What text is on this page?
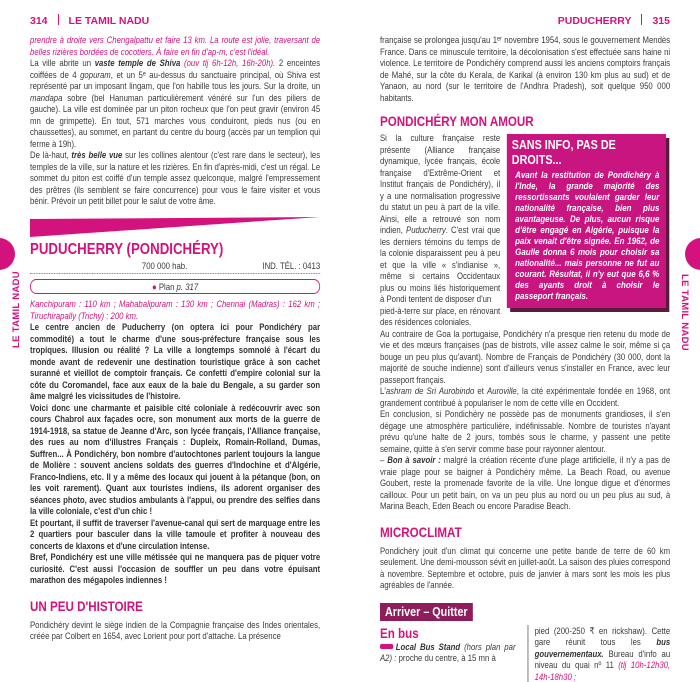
314 LE TAMIL NADU

prendre à droite vers Chengalpattu et faire 13 km. La route est jolie, traversant de belles rizières bordées de cocotiers. À faire en fin d'ap-m, c'est l'idéal.

La ville abrite un vaste temple de Shiva (ouv tlj 6h-12h, 16h-20h). 2 enceintes coiffées de 4 gopuram, et un 5ᵉ au-dessus du sanctuaire principal, où Shiva est représenté par un imposant lingam, que l'on habille tous les jours. Sur la droite, un mandapa sobre (bel Hanuman particulièrement vénéré sur l'un des piliers de gauche). La ville est dominée par un piton rocheux que l'on peut gravir (environ 45 mn de grimpette). En tout, 571 marches vous conduiront, pieds nus (ou en chaussettes), au sommet, en partant du centre du bourg (accès par un templion qui ferme à 19h).

De là-haut, très belle vue sur les collines alentour (c'est rare dans le secteur), les temples de la ville, sur la nature et les rizières. En fin d'après-midi, c'est un régal. Le sommet du piton est coiffé d'un temple assez quelconque, malgré l'empressement des prêtres (ils semblent se faire concurrence) pour vous le faire visiter et vous bénir. Prévoir un petit billet pour le salut de votre âme.

PUDUCHERRY (PONDICHÉRY)
700 000 hab.	IND. TÉL. : 0413
● Plan p. 317

Kanchipuram : 110 km ; Mahabalipuram : 130 km ; Chennai (Madras) : 162 km ; Tiruchirapally (Trichy) : 200 km.

Le centre ancien de Puducherry (on optera ici pour Pondichéry par commodité) a tout le charme d'une sous-préfecture française sous les tropiques. Illusion ou réalité ? La ville a longtemps somnolé à l'écart du monde avant de redevenir une destination touristique grâce à son cachet suranné et vieillot de comptoir français. Ce confetti d'empire colonial sur la côte du Coromandel, face aux eaux de la baie du Bengale, a su garder son âme malgré les vicissitudes de l'histoire.

Voici donc une charmante et paisible cité coloniale à redécouvrir avec son cours Chabrol aux façades ocre, son monument aux morts de la guerre de 1914-1918, sa statue de Jeanne d'Arc, son lycée français, l'Alliance française, des rues au nom d'illustres Français : Dupleix, Romain-Rolland, Dumas, Suffren... À Pondichéry, bon nombre d'autochtones parlent toujours la langue de Molière : souvent anciens soldats des guerres d'Indochine et d'Algérie, Franco-Indiens, etc. Il y a même des locaux qui jouent à la pétanque (bon, on les voit rarement). Quant aux touristes indiens, ils adorent organiser des séances photo, avec studios ambulants à l'appui, ou prendre des selfies dans la ville coloniale, c'est d'un chic !

Et pourtant, il suffit de traverser l'avenue-canal qui sert de marquage entre les 2 quartiers pour basculer dans la ville tamoule et profiter à nouveau des concerts de klaxons et d'une circulation intense.

Bref, Pondichéry est une ville métissée qui ne manquera pas de piquer votre curiosité. C'est aussi l'occasion de souffler un peu dans votre épuisant marathon des mégapoles indiennes !

UN PEU D'HISTOIRE
Pondichéry devint le siège indien de la Compagnie française des Indes orientales, créée par Colbert en 1654, avec Lorient pour port d'attache. La présence
LE TAMIL NADU
PUDUCHERRY 315

française se prolongea jusqu'au 1ᵉʳ novembre 1954, sous le gouvernement Mendès France. Dans ce minuscule territoire, la décolonisation s'est effectuée sans haine ni violence. Le territoire de Pondichéry comprend aussi les anciens comptoirs français de Mahé, sur la côte du Kerala, de Karikal (à environ 130 km plus au sud) et de Yanaon, au nord (sur le territoire de l'Andhra Pradesh), soit quelque 950 000 habitants.

PONDICHÉRY MON AMOUR
SANS INFO, PAS DE DROITS...
Avant la restitution de Pondichéry à l'Inde, la grande majorité des ressortissants voulaient garder leur nationalité française, bien plus avantageuse. De plus, aucun risque d'être engagé en Algérie, puisque la paix venait d'être signée. En 1962, de Gaulle donna 6 mois pour choisir sa nationalité... mais personne ne fut au courant. Résultat, il n'y eut que 6,6 % des ayants droit à choisir le passeport français.

Si la culture française reste présente (Alliance française dynamique, lycée français, école française d'Extrême-Orient et Institut français de Pondichéry), il y a une normalisation progressive du statut un peu à part de la ville. Ainsi, elle a retrouvé son nom indien, Puducherry. C'est vrai que les derniers témoins du temps de la colonie disparaissent peu à peu et que la ville « s'indianise », même si certains Occidentaux plus ou moins liés historiquement à Pondi tentent de disposer d'un

pied-à-terre sur place, en rénovant des résidences coloniales.

Au contraire de Goa la portugaise, Pondichéry n'a presque rien retenu du mode de vie et des mœurs françaises (pas de bistrots, ville assez calme le soir, même si ça bouge un peu plus qu'avant). Nombre de Français de Pondichéry (30 000, dont la majorité de souche indienne) sont d'ailleurs venus s'installer en France, avec leur passeport français.

L'ashram de Sri Aurobindo et Auroville, la cité expérimentale fondée en 1968, ont grandement contribué à populariser le nom de cette ville en Occident.

En conclusion, si Pondichéry ne possède pas de monuments grandioses, il s'en dégage une atmosphère particulière, indéfinissable. Nombre de touristes n'ayant prévu qu'une halte de 2 jours, tombés sous le charme, y passent une petite semaine, quitte à s'en servir comme base pour rayonner alentour.

– Bon à savoir : malgré la création récente d'une plage artificielle, il n'y a pas de vraie plage pour se baigner à Pondichéry même. La Beach Road, ou avenue Goubert, reste la promenade favorite de la ville. Une longue digue et d'énormes cailloux. Pour un petit bain, on va un peu plus au nord ou un peu plus au sud, à Marina Beach, Eden Beach ou encore Paradise Beach.

MICROCLIMAT
Pondichéry jouit d'un climat qui concerne une petite bande de terre de 60 km seulement. Une demi-mousson sévit en juillet-août. La saison des pluies correspond à novembre. Septembre et octobre, puis de janvier à mars sont les mois les plus agréables de l'année.
Arriver – Quitter
En bus

Local Bus Stand (hors plan par A2) : proche du centre, à 15 mn à

pied (200-250 ₹ en rickshaw). Cette gare réunit tous les bus gouvernementaux. Bureau d'info au niveau du quai nº 11 (tlj 10h-12h30, 14h-18h30 ;

LE TAMIL NADU
